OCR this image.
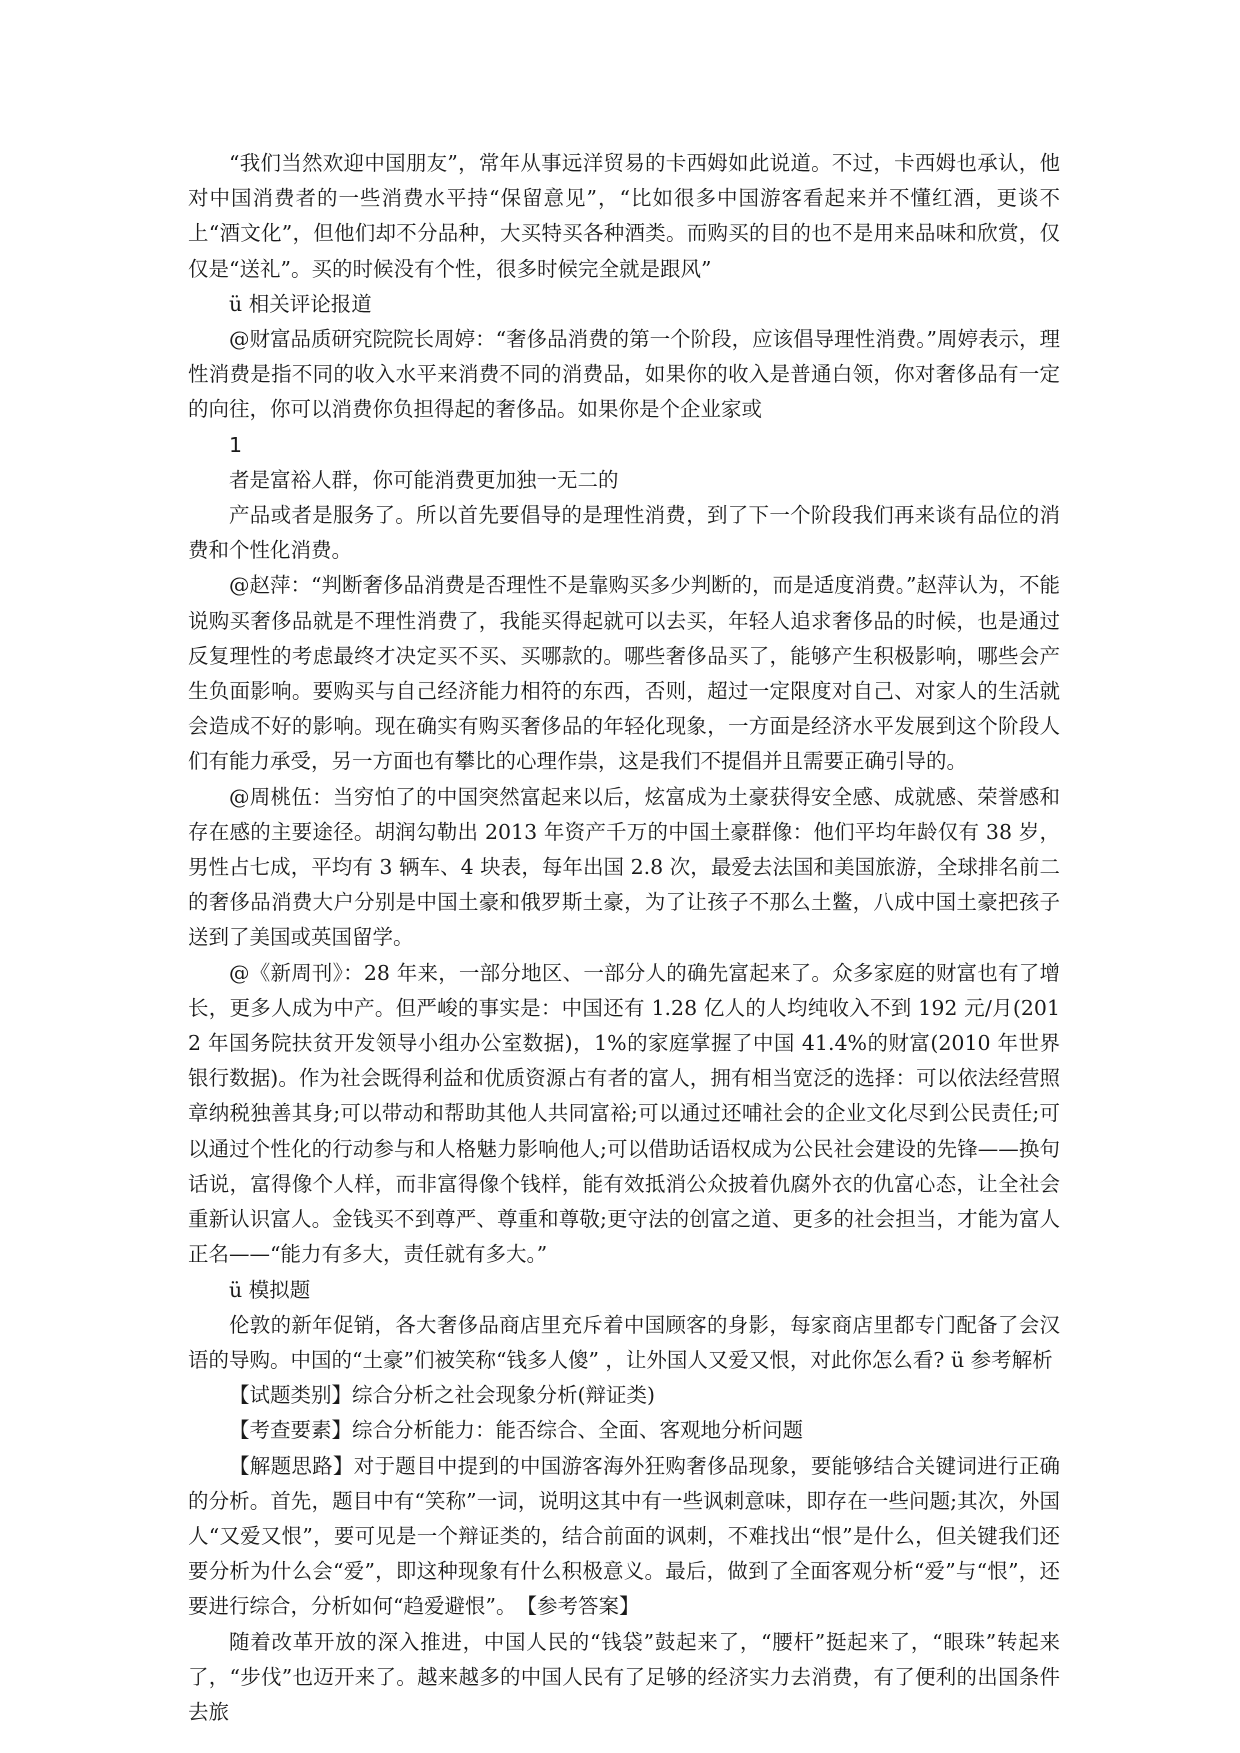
“我们当然欢迎中国朋友”，常年从事远洋贸易的卡西姆如此说道。不过，卡西姆也承认，他对中国消费者的一些消费水平持“保留意见”，“比如很多中国游客看起来并不懂红酒，更谈不上“酒文化”，但他们却不分品种，大买特买各种酒类。而购买的目的也不是用来品味和欣赏，仅仅是“送礼”。买的时候没有个性，很多时候完全就是跟风”

ü 相关评论报道

@财富品质研究院院长周婷：“奢侈品消费的第一个阶段，应该倡导理性消费。”周婷表示，理性消费是指不同的收入水平来消费不同的消费品，如果你的收入是普通白领，你对奢侈品有一定的向往，你可以消费你负担得起的奢侈品。如果你是个企业家或

1

者是富裕人群，你可能消费更加独一无二的

产品或者是服务了。所以首先要倡导的是理性消费，到了下一个阶段我们再来谈有品位的消费和个性化消费。

@赵萍：“判断奢侈品消费是否理性不是靠购买多少判断的，而是适度消费。”赵萍认为，不能说购买奢侈品就是不理性消费了，我能买得起就可以去买，年轻人追求奢侈品的时候，也是通过反复理性的考虑最终才决定买不买、买哪款的。哪些奢侈品买了，能够产生积极影响，哪些会产生负面影响。要购买与自己经济能力相符的东西，否则，超过一定限度对自己、对家人的生活就会造成不好的影响。现在确实有购买奢侈品的年轻化现象，一方面是经济水平发展到这个阶段人们有能力承受，另一方面也有攀比的心理作祟，这是我们不提倡并且需要正确引导的。

@周桃伍：当穷怕了的中国突然富起来以后，炫富成为土豪获得安全感、成就感、荣誉感和存在感的主要途径。胡润勾勒出 2013 年资产千万的中国土豪群像：他们平均年龄仅有 38 岁，男性占七成，平均有 3 辆车、4 块表，每年出国 2.8 次，最爱去法国和美国旅游，全球排名前二的奢侈品消费大户分别是中国土豪和俄罗斯土豪，为了让孩子不那么土鳖，八成中国土豪把孩子送到了美国或英国留学。

@《新周刊》：28 年来，一部分地区、一部分人的确先富起来了。众多家庭的财富也有了增长，更多人成为中产。但严峻的事实是：中国还有 1.28 亿人的人均纯收入不到 192 元/月(2012 年国务院扶贫开发领导小组办公室数据)，1%的家庭掌握了中国 41.4%的财富(2010 年世界银行数据)。作为社会既得利益和优质资源占有者的富人，拥有相当宽泛的选择：可以依法经营照章纳税独善其身;可以带动和帮助其他人共同富裕;可以通过还哺社会的企业文化尽到公民责任;可以通过个性化的行动参与和人格魅力影响他人;可以借助话语权成为公民社会建设的先锋——换句话说，富得像个人样，而非富得像个钱样，能有效抵消公众披着仇腐外衣的仇富心态，让全社会重新认识富人。金钱买不到尊严、尊重和尊敬;更守法的创富之道、更多的社会担当，才能为富人正名——“能力有多大，责任就有多大。”

ü 模拟题

伦敦的新年促销，各大奢侈品商店里充斥着中国顾客的身影，每家商店里都专门配备了会汉语的导购。中国的“土豪”们被笑称“钱多人傻” ，让外国人又爱又恨，对此你怎么看? ü 参考解析

【试题类别】综合分析之社会现象分析(辩证类)

【考查要素】综合分析能力：能否综合、全面、客观地分析问题

【解题思路】对于题目中提到的中国游客海外狂购奢侈品现象，要能够结合关键词进行正确的分析。首先，题目中有“笑称”一词，说明这其中有一些讽刺意味，即存在一些问题;其次，外国人“又爱又恨”，要可见是一个辩证类的，结合前面的讽刺，不难找出“恨”是什么，但关键我们还要分析为什么会“爱”，即这种现象有什么积极意义。最后，做到了全面客观分析“爱”与“恨”，还要进行综合，分析如何“趋爱避恨”。　【参考答案】

随着改革开放的深入推进，中国人民的“钱袋”鼓起来了，“腰杆”挺起来了，“眼珠”转起来了，“步伐”也迈开来了。越来越多的中国人民有了足够的经济实力去消费，有了便利的出国条件去旅
